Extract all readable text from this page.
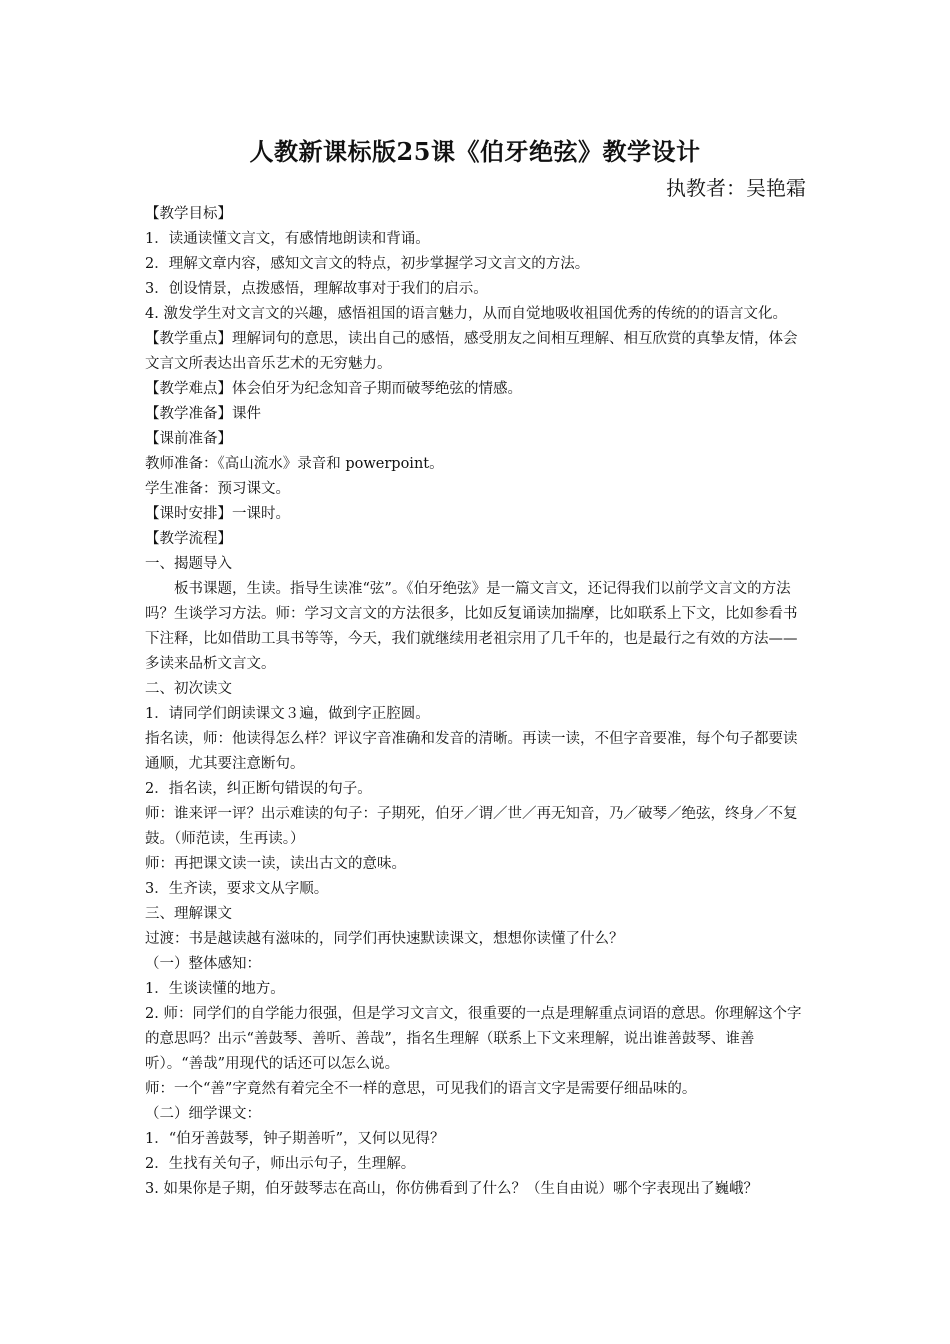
人教新课标版25课《伯牙绝弦》教学设计
执教者：吴艳霜

【教学目标】

1．读通读懂文言文，有感情地朗读和背诵。

2．理解文章内容，感知文言文的特点，初步掌握学习文言文的方法。

3．创设情景，点拨感悟，理解故事对于我们的启示。

4. 激发学生对文言文的兴趣，感悟祖国的语言魅力，从而自觉地吸收祖国优秀的传统的的语言文化。

【教学重点】理解词句的意思，读出自己的感悟，感受朋友之间相互理解、相互欣赏的真挚友情，体会文言文所表达出音乐艺术的无穷魅力。

【教学难点】体会伯牙为纪念知音子期而破琴绝弦的情感。

【教学准备】课件

【课前准备】

教师准备：《高山流水》录音和 powerpoint。

学生准备：预习课文。

【课时安排】一课时。

【教学流程】

一、揭题导入

板书课题，生读。指导生读准“弦”。《伯牙绝弦》是一篇文言文，还记得我们以前学文言文的方法吗？生谈学习方法。师：学习文言文的方法很多，比如反复诵读加揣摩，比如联系上下文，比如参看书下注释，比如借助工具书等等，今天，我们就继续用老祖宗用了几千年的，也是最行之有效的方法——多读来品析文言文。

二、初次读文

1．请同学们朗读课文３遍，做到字正腔圆。

指名读，师：他读得怎么样？评议字音准确和发音的清晰。再读一读，不但字音要准，每个句子都要读通顺，尤其要注意断句。

2．指名读，纠正断句错误的句子。

师：谁来评一评？出示难读的句子：子期死，伯牙／谓／世／再无知音，乃／破琴／绝弦，终身／不复鼓。（师范读，生再读。）

师：再把课文读一读，读出古文的意味。

3．生齐读，要求文从字顺。

三、理解课文

过渡：书是越读越有滋味的，同学们再快速默读课文，想想你读懂了什么？

（一）整体感知：

1．生谈读懂的地方。

2. 师：同学们的自学能力很强，但是学习文言文，很重要的一点是理解重点词语的意思。你理解这个字的意思吗？出示“善鼓琴、善听、善哉”，指名生理解（联系上下文来理解，说出谁善鼓琴、谁善听）。“善哉”用现代的话还可以怎么说。

师：一个“善”字竟然有着完全不一样的意思，可见我们的语言文字是需要仔细品味的。

（二）细学课文：

1．“伯牙善鼓琴，钟子期善听”，又何以见得？

2．生找有关句子，师出示句子，生理解。

3. 如果你是子期，伯牙鼓琴志在高山，你仿佛看到了什么？（生自由说）哪个字表现出了巍峨？
